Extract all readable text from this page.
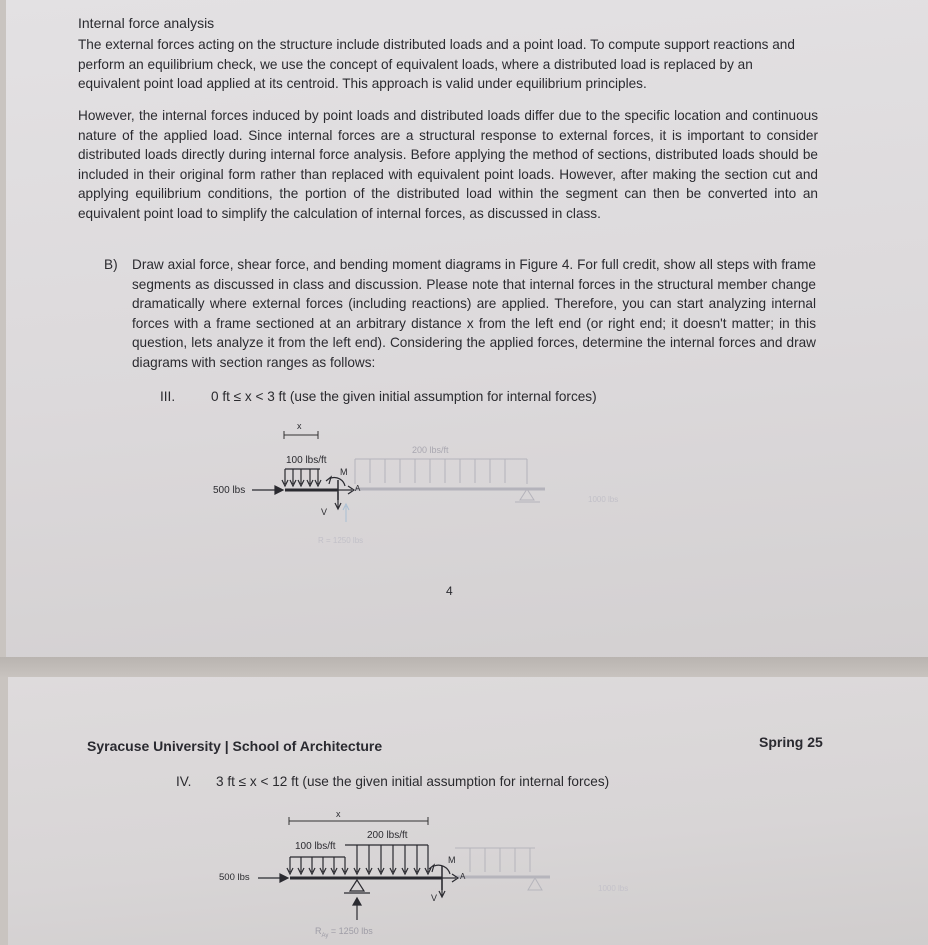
Internal force analysis
The external forces acting on the structure include distributed loads and a point load. To compute support reactions and perform an equilibrium check, we use the concept of equivalent loads, where a distributed load is replaced by an equivalent point load applied at its centroid. This approach is valid under equilibrium principles.
However, the internal forces induced by point loads and distributed loads differ due to the specific location and continuous nature of the applied load. Since internal forces are a structural response to external forces, it is important to consider distributed loads directly during internal force analysis. Before applying the method of sections, distributed loads should be included in their original form rather than replaced with equivalent point loads. However, after making the section cut and applying equilibrium conditions, the portion of the distributed load within the segment can then be converted into an equivalent point load to simplify the calculation of internal forces, as discussed in class.
B) Draw axial force, shear force, and bending moment diagrams in Figure 4. For full credit, show all steps with frame segments as discussed in class and discussion. Please note that internal forces in the structural member change dramatically where external forces (including reactions) are applied. Therefore, you can start analyzing internal forces with a frame sectioned at an arbitrary distance x from the left end (or right end; it doesn't matter; in this question, lets analyze it from the left end). Considering the applied forces, determine the internal forces and draw diagrams with section ranges as follows:
III.	0 ft ≤ x < 3 ft (use the given initial assumption for internal forces)
x
100 lbs/ft
200 lbs/ft
500 lbs
M
A
V
R = 1250 lbs
1000 lbs
4
Syracuse University | School of Architecture	Spring 25
IV. 3 ft ≤ x < 12 ft (use the given initial assumption for internal forces)
x
100 lbs/ft
200 lbs/ft
500 lbs
M
A
V
$R_{Ay} = 1250$ lbs
1000 lbs
